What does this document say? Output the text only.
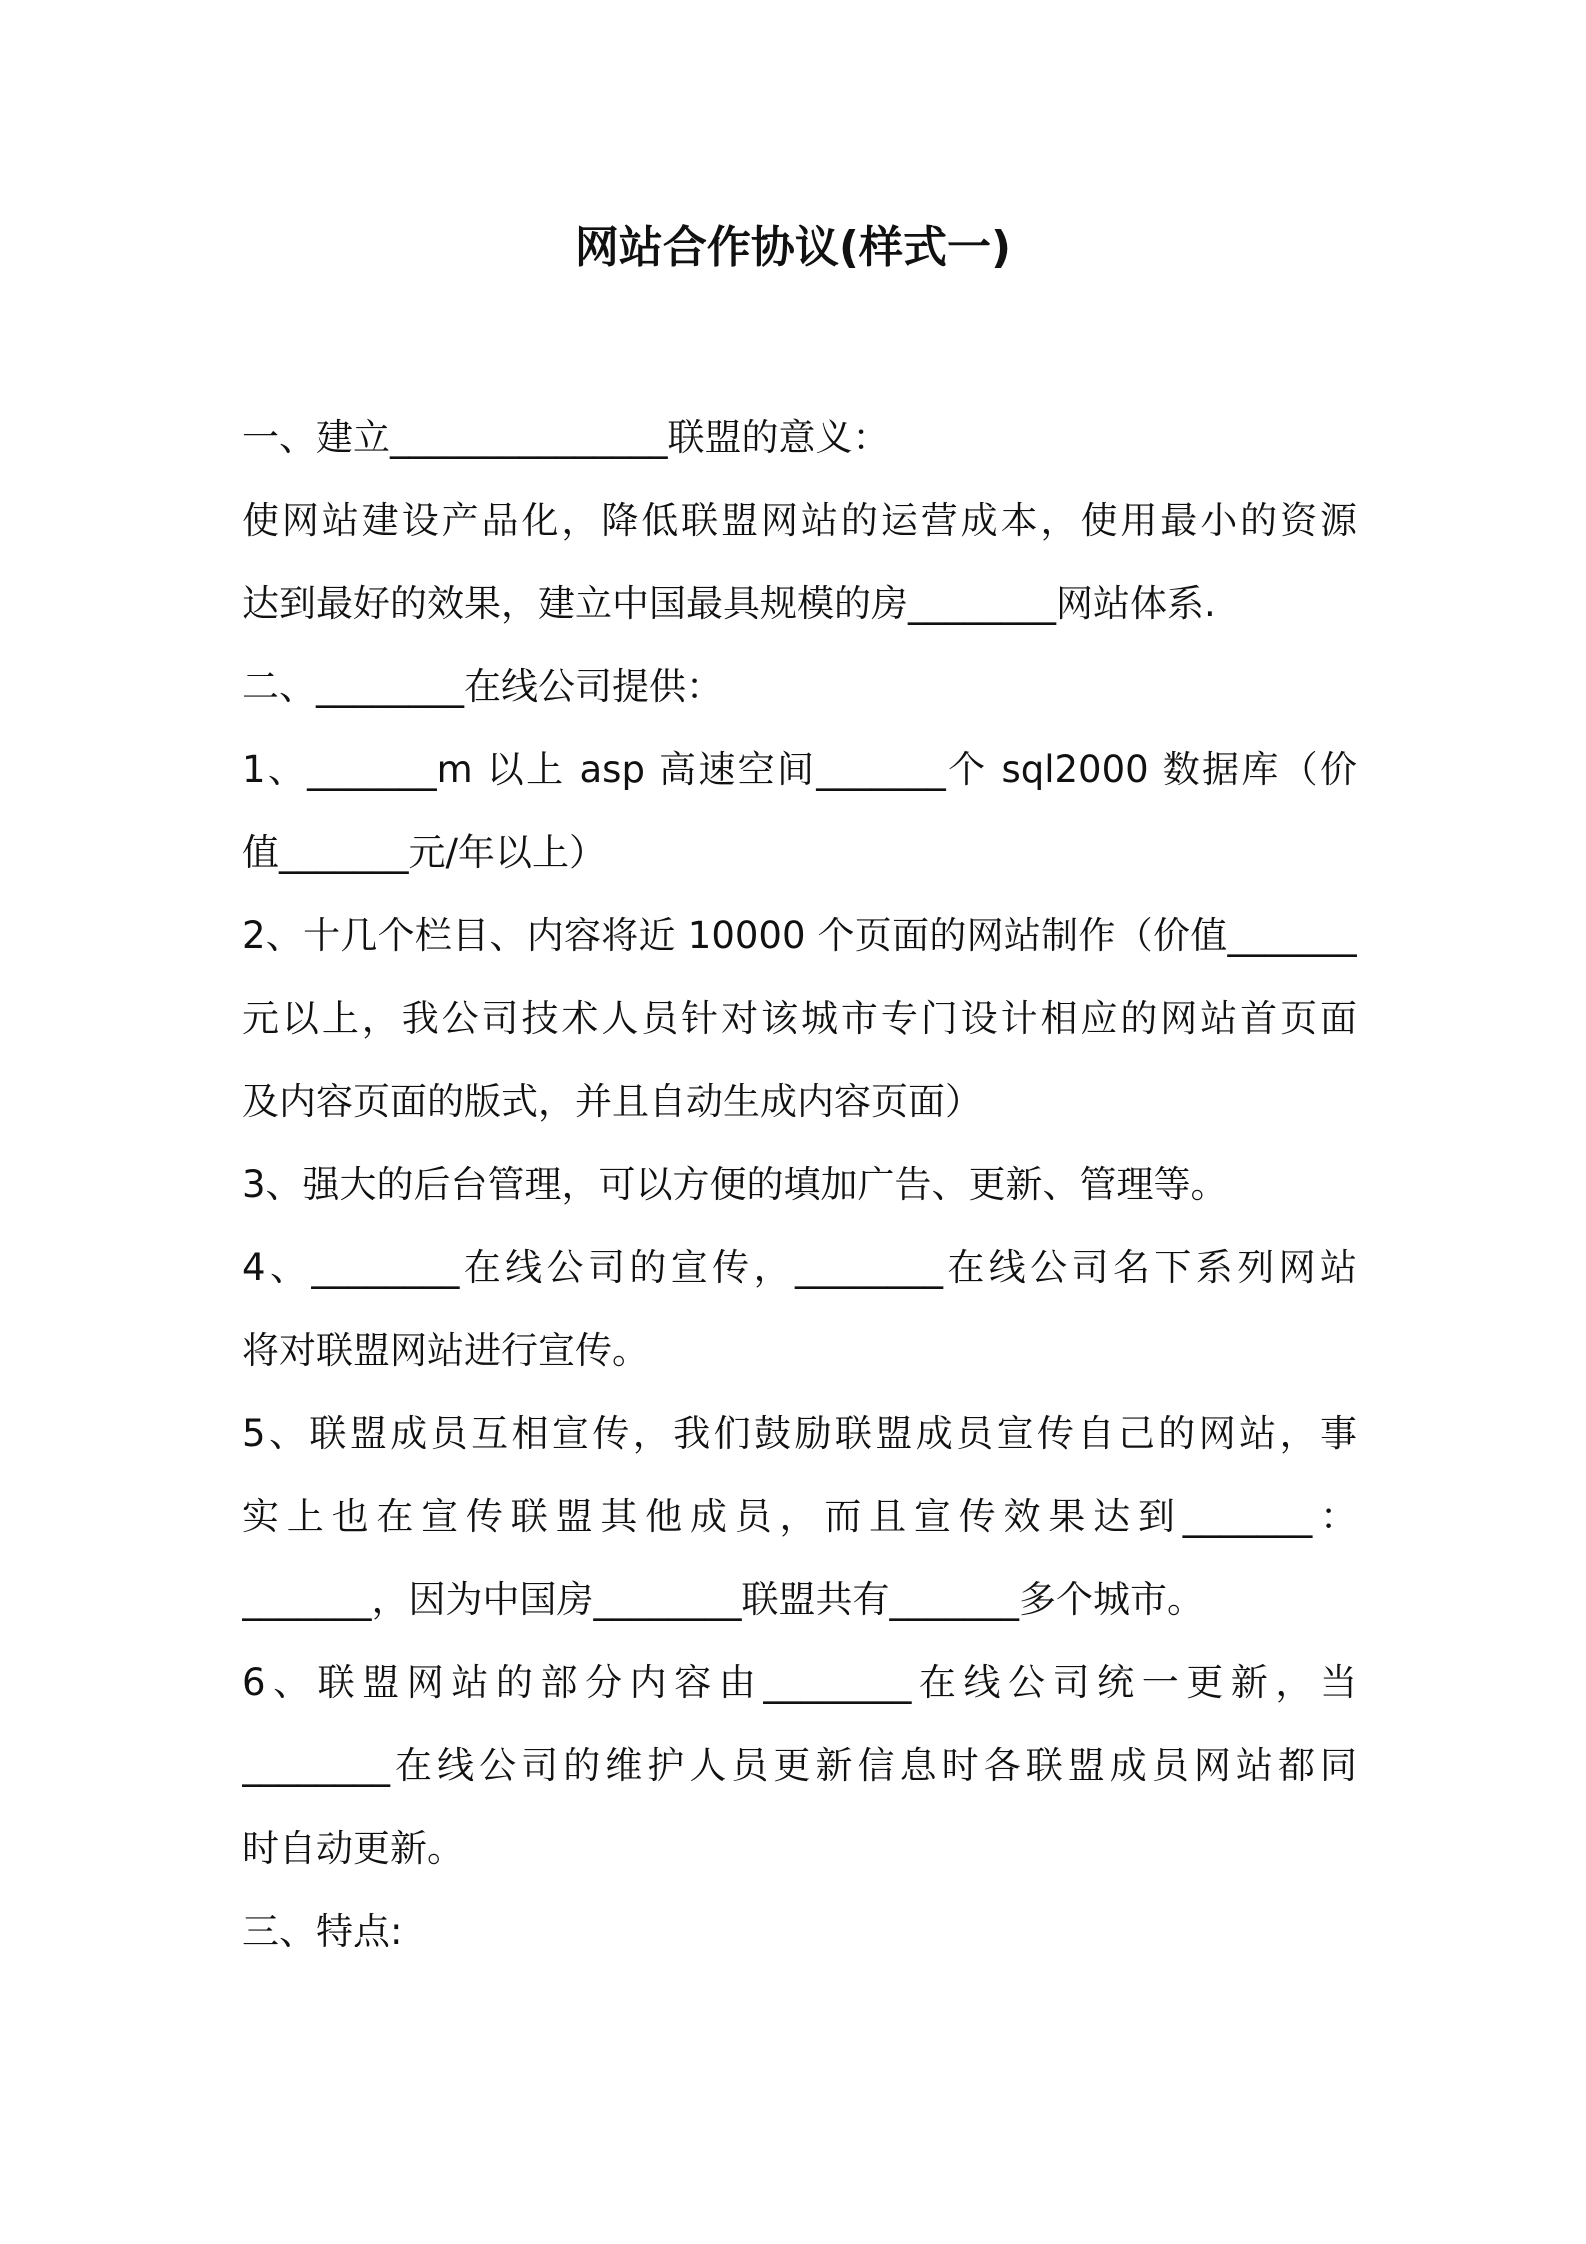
网站合作协议(样式一)
一、建立_______________联盟的意义：
使网站建设产品化，降低联盟网站的运营成本，使用最小的资源
达到最好的效果，建立中国最具规模的房________网站体系.
二、________在线公司提供：
1、_______m 以上 asp 高速空间_______个 sql2000 数据库（价
值_______元/年以上）
2、十几个栏目、内容将近 10000 个页面的网站制作（价值_______
元以上，我公司技术人员针对该城市专门设计相应的网站首页面
及内容页面的版式，并且自动生成内容页面）
3、强大的后台管理，可以方便的填加广告、更新、管理等。
4、________在线公司的宣传，________在线公司名下系列网站
将对联盟网站进行宣传。
5、联盟成员互相宣传，我们鼓励联盟成员宣传自己的网站，事
实上也在宣传联盟其他成员，而且宣传效果达到_______：
_______，因为中国房________联盟共有_______多个城市。
6、联盟网站的部分内容由________在线公司统一更新，当
________在线公司的维护人员更新信息时各联盟成员网站都同
时自动更新。
三、特点:
